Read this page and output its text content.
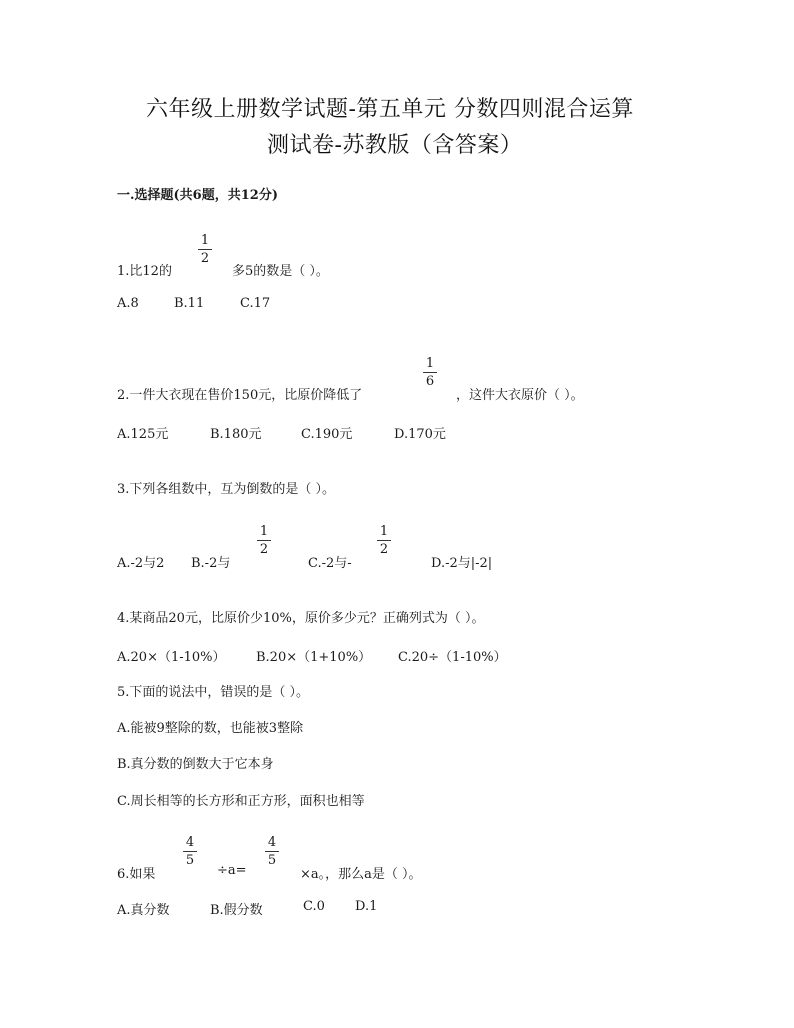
六年级上册数学试题-第五单元 分数四则混合运算
测试卷-苏教版（含答案）
一.选择题(共6题，共12分)
1.比12的
1
2
多5的数是（ ）。
A.8	B.11	C.17
2.一件大衣现在售价150元，比原价降低了
1
6
，这件大衣原价（ ）。
A.125元	B.180元	C.190元	D.170元
3.下列各组数中，互为倒数的是（ ）。
A.-2与2 B.-2与
1
2
C.-2与-
1
2
D.-2与|-2|
4.某商品20元，比原价少10%，原价多少元？正确列式为（ ）。
A.20×（1-10%） B.20×（1+10%） C.20÷（1-10%）
5.下面的说法中，错误的是（ ）。
A.能被9整除的数，也能被3整除
B.真分数的倒数大于它本身
C.周长相等的长方形和正方形，面积也相等
6.如果
4
5
÷a=
4
5
×a。，那么a是（ ）。
A.真分数	B.假分数	C.0 D.1
